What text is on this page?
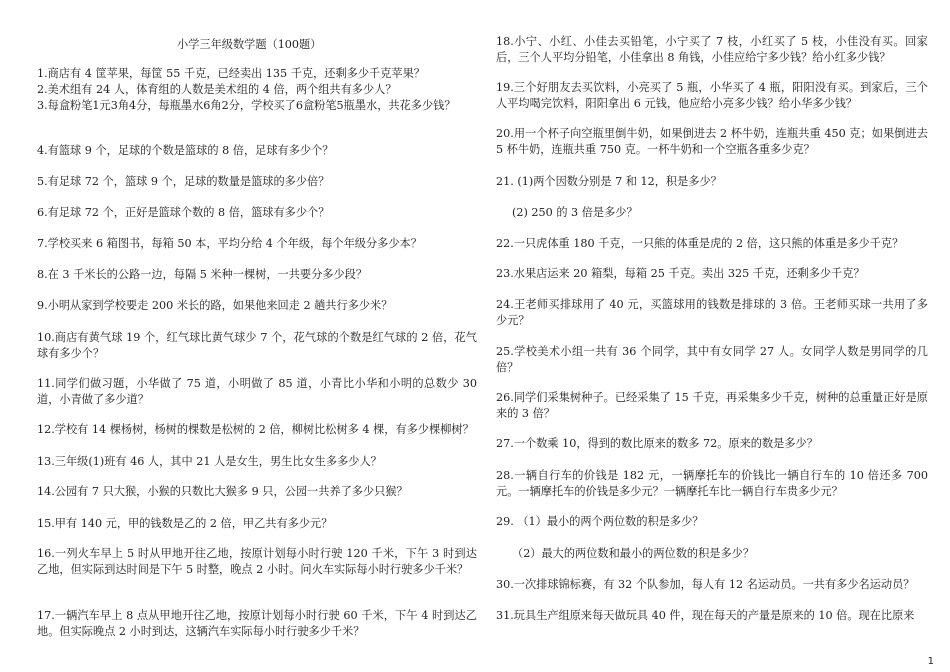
小学三年级数学题（100题）
1.商店有 4 筐苹果，每筐 55 千克，已经卖出 135 千克，还剩多少千克苹果？
2.美术组有 24 人，体育组的人数是美术组的 4 倍，两个组共有多少人？
3.每盒粉笔1元3角4分，每瓶墨水6角2分，学校买了6盒粉笔5瓶墨水，共花多少钱？
4.有篮球 9 个，足球的个数是篮球的 8 倍，足球有多少个？
5.有足球 72 个，篮球 9 个，足球的数量是篮球的多少倍？
6.有足球 72 个，正好是篮球个数的 8 倍，篮球有多少个？
7.学校买来 6 箱图书，每箱 50 本，平均分给 4 个年级，每个年级分多少本？
8.在 3 千米长的公路一边，每隔 5 米种一棵树，一共要分多少段？
9.小明从家到学校要走 200 米长的路，如果他来回走 2 趟共行多少米？
10.商店有黄气球 19 个，红气球比黄气球少 7 个，花气球的个数是红气球的 2 倍，花气球有多少个？
11.同学们做习题，小华做了 75 道，小明做了 85 道，小青比小华和小明的总数少 30 道，小青做了多少道？
12.学校有 14 棵杨树，杨树的棵数是松树的 2 倍，柳树比松树多 4 棵，有多少棵柳树？
13.三年级(1)班有 46 人，其中 21 人是女生，男生比女生多多少人？
14.公园有 7 只大猴，小猴的只数比大猴多 9 只，公园一共养了多少只猴？
15.甲有 140 元，甲的钱数是乙的 2 倍，甲乙共有多少元？
16.一列火车早上 5 时从甲地开往乙地，按原计划每小时行驶 120 千米，下午 3 时到达乙地，但实际到达时间是下午 5 时整，晚点 2 小时。问火车实际每小时行驶多少千米？
17.一辆汽车早上 8 点从甲地开往乙地，按原计划每小时行驶 60 千米，下午 4 时到达乙地。但实际晚点 2 小时到达，这辆汽车实际每小时行驶多少千米？
18.小宁、小红、小佳去买铅笔，小宁买了 7 枝，小红买了 5 枝，小佳没有买。回家后，三个人平均分铅笔，小佳拿出 8 角钱，小佳应给宁多少钱？给小红多少钱？
19.三个好朋友去买饮料，小亮买了 5 瓶，小华买了 4 瓶，阳阳没有买。到家后，三个人平均喝完饮料，阳阳拿出 6 元钱，他应给小亮多少钱？给小华多少钱？
20.用一个杯子向空瓶里倒牛奶，如果倒进去 2 杯牛奶，连瓶共重 450 克；如果倒进去 5 杯牛奶，连瓶共重 750 克。一杯牛奶和一个空瓶各重多少克？
21. (1)两个因数分别是 7 和 12，积是多少？
(2) 250 的 3 倍是多少？
22.一只虎体重 180 千克，一只熊的体重是虎的 2 倍，这只熊的体重是多少千克？
23.水果店运来 20 箱梨，每箱 25 千克。卖出 325 千克，还剩多少千克？
24.王老师买排球用了 40 元，买篮球用的钱数是排球的 3 倍。王老师买球一共用了多少元？
25.学校美术小组一共有 36 个同学，其中有女同学 27 人。女同学人数是男同学的几倍？
26.同学们采集树种子。已经采集了 15 千克，再采集多少千克，树种的总重量正好是原来的 3 倍？
27.一个数乘 10，得到的数比原来的数多 72。原来的数是多少？
28.一辆自行车的价钱是 182 元，一辆摩托车的价钱比一辆自行车的 10 倍还多 700 元。一辆摩托车的价钱是多少元？一辆摩托车比一辆自行车贵多少元？
29. （1）最小的两个两位数的积是多少？
（2）最大的两位数和最小的两位数的积是多少？
30.一次排球锦标赛，有 32 个队参加，每人有 12 名运动员。一共有多少名运动员？
31.玩具生产组原来每天做玩具 40 件，现在每天的产量是原来的 10 倍。现在比原来
1
